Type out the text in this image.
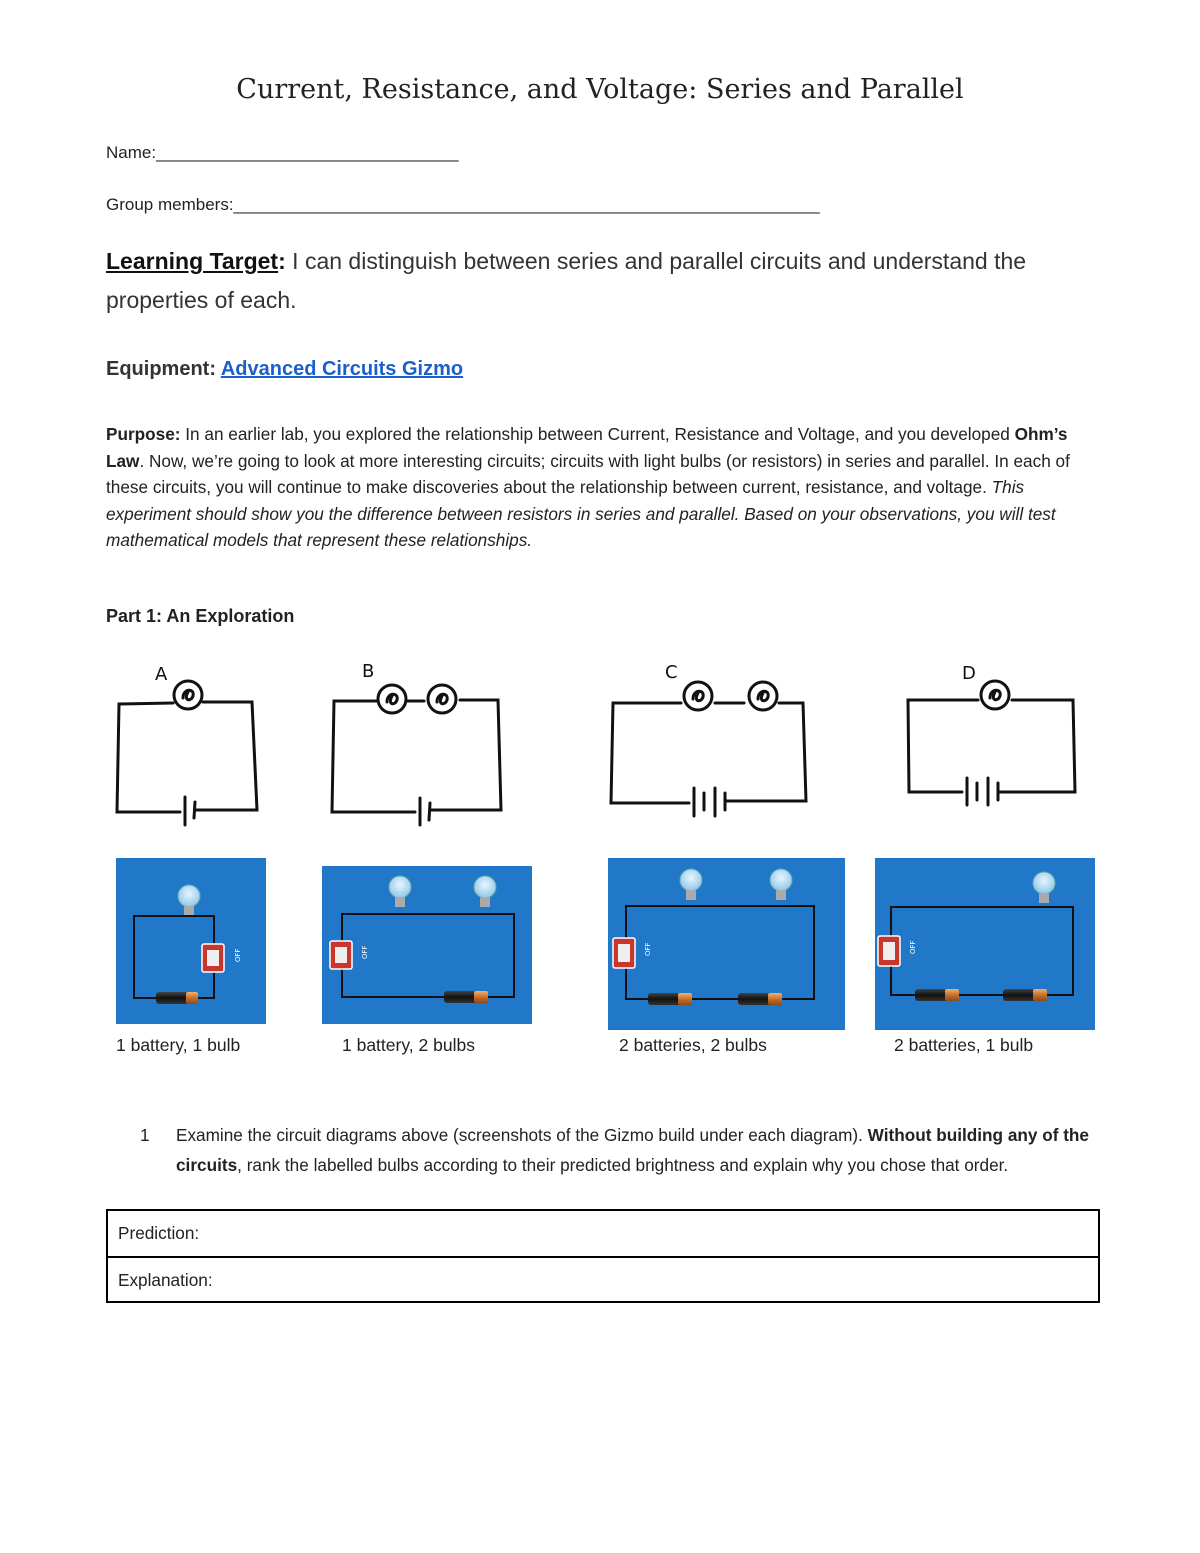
Current, Resistance, and Voltage: Series and Parallel
Name:________________________________
Group members:______________________________________________________________
Learning Target: I can distinguish between series and parallel circuits and understand the properties of each.
Equipment: Advanced Circuits Gizmo
Purpose: In an earlier lab, you explored the relationship between Current, Resistance and Voltage, and you developed Ohm’s Law. Now, we’re going to look at more interesting circuits; circuits with light bulbs (or resistors) in series and parallel. In each of these circuits, you will continue to make discoveries about the relationship between current, resistance, and voltage. This experiment should show you the difference between resistors in series and parallel. Based on your observations, you will test mathematical models that represent these relationships.
Part 1: An Exploration
A	B	C	D
OFF	OFF	OFF	OFF
1 battery, 1 bulb	1 battery, 2 bulbs	2 batteries, 2 bulbs	2 batteries, 1 bulb
1 Examine the circuit diagrams above (screenshots of the Gizmo build under each diagram). Without building any of the circuits, rank the labelled bulbs according to their predicted brightness and explain why you chose that order.
Prediction:
Explanation:
